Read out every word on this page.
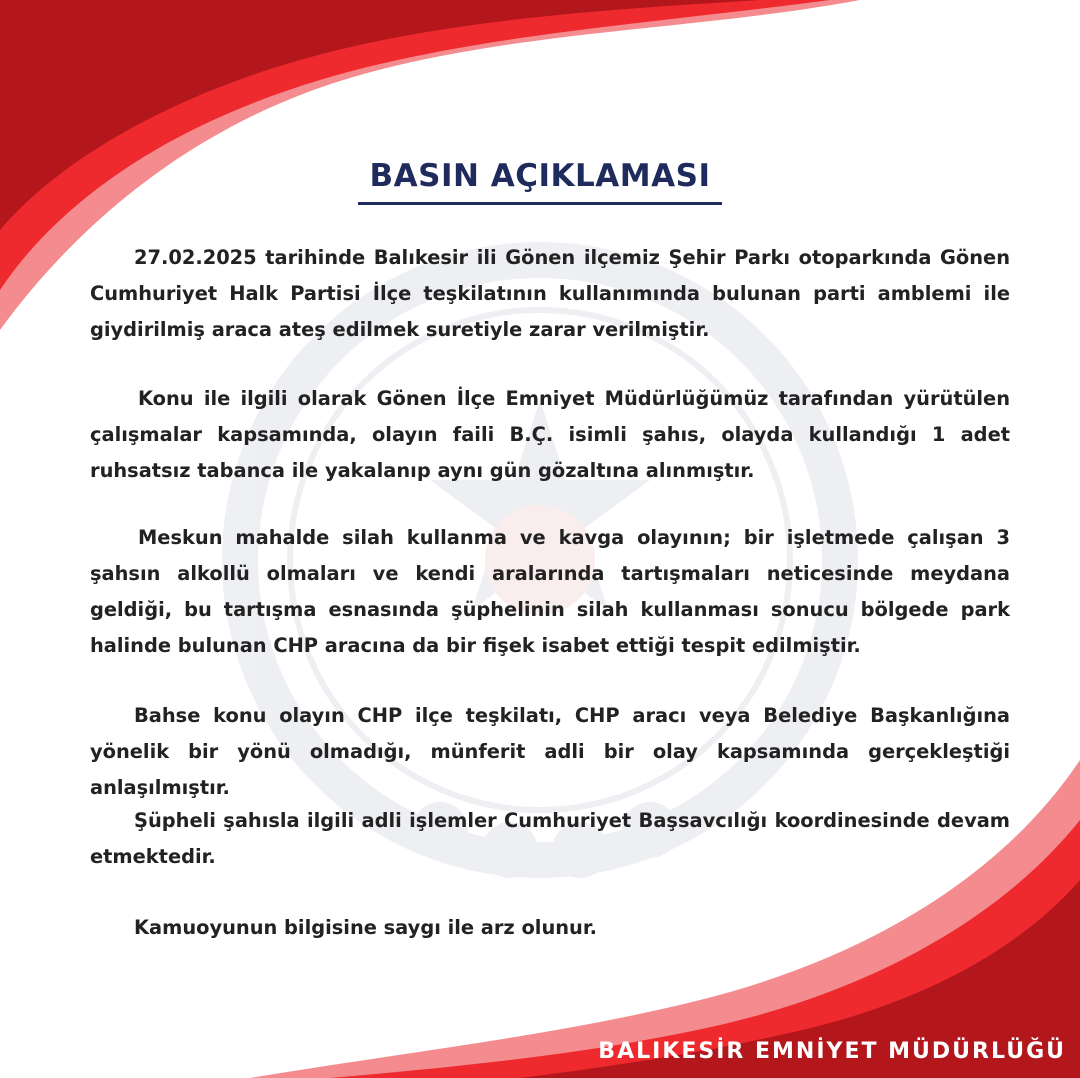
BASIN AÇIKLAMASI

27.02.2025 tarihinde Balıkesir ili Gönen ilçemiz Şehir Parkı otoparkında Gönen Cumhuriyet Halk Partisi İlçe teşkilatının kullanımında bulunan parti amblemi ile giydirilmiş araca ateş edilmek suretiyle zarar verilmiştir.

Konu ile ilgili olarak Gönen İlçe Emniyet Müdürlüğümüz tarafından yürütülen çalışmalar kapsamında, olayın faili B.Ç. isimli şahıs, olayda kullandığı 1 adet ruhsatsız tabanca ile yakalanıp aynı gün gözaltına alınmıştır.

Meskun mahalde silah kullanma ve kavga olayının; bir işletmede çalışan 3 şahsın alkollü olmaları ve kendi aralarında tartışmaları neticesinde meydana geldiği, bu tartışma esnasında şüphelinin silah kullanması sonucu bölgede park halinde bulunan CHP aracına da bir fişek isabet ettiği tespit edilmiştir.

Bahse konu olayın CHP ilçe teşkilatı, CHP aracı veya Belediye Başkanlığına yönelik bir yönü olmadığı, münferit adli bir olay kapsamında gerçekleştiği anlaşılmıştır.

Şüpheli şahısla ilgili adli işlemler Cumhuriyet Başsavcılığı koordinesinde devam etmektedir.

Kamuoyunun bilgisine saygı ile arz olunur.

BALIKESİR EMNİYET MÜDÜRLÜĞÜ
